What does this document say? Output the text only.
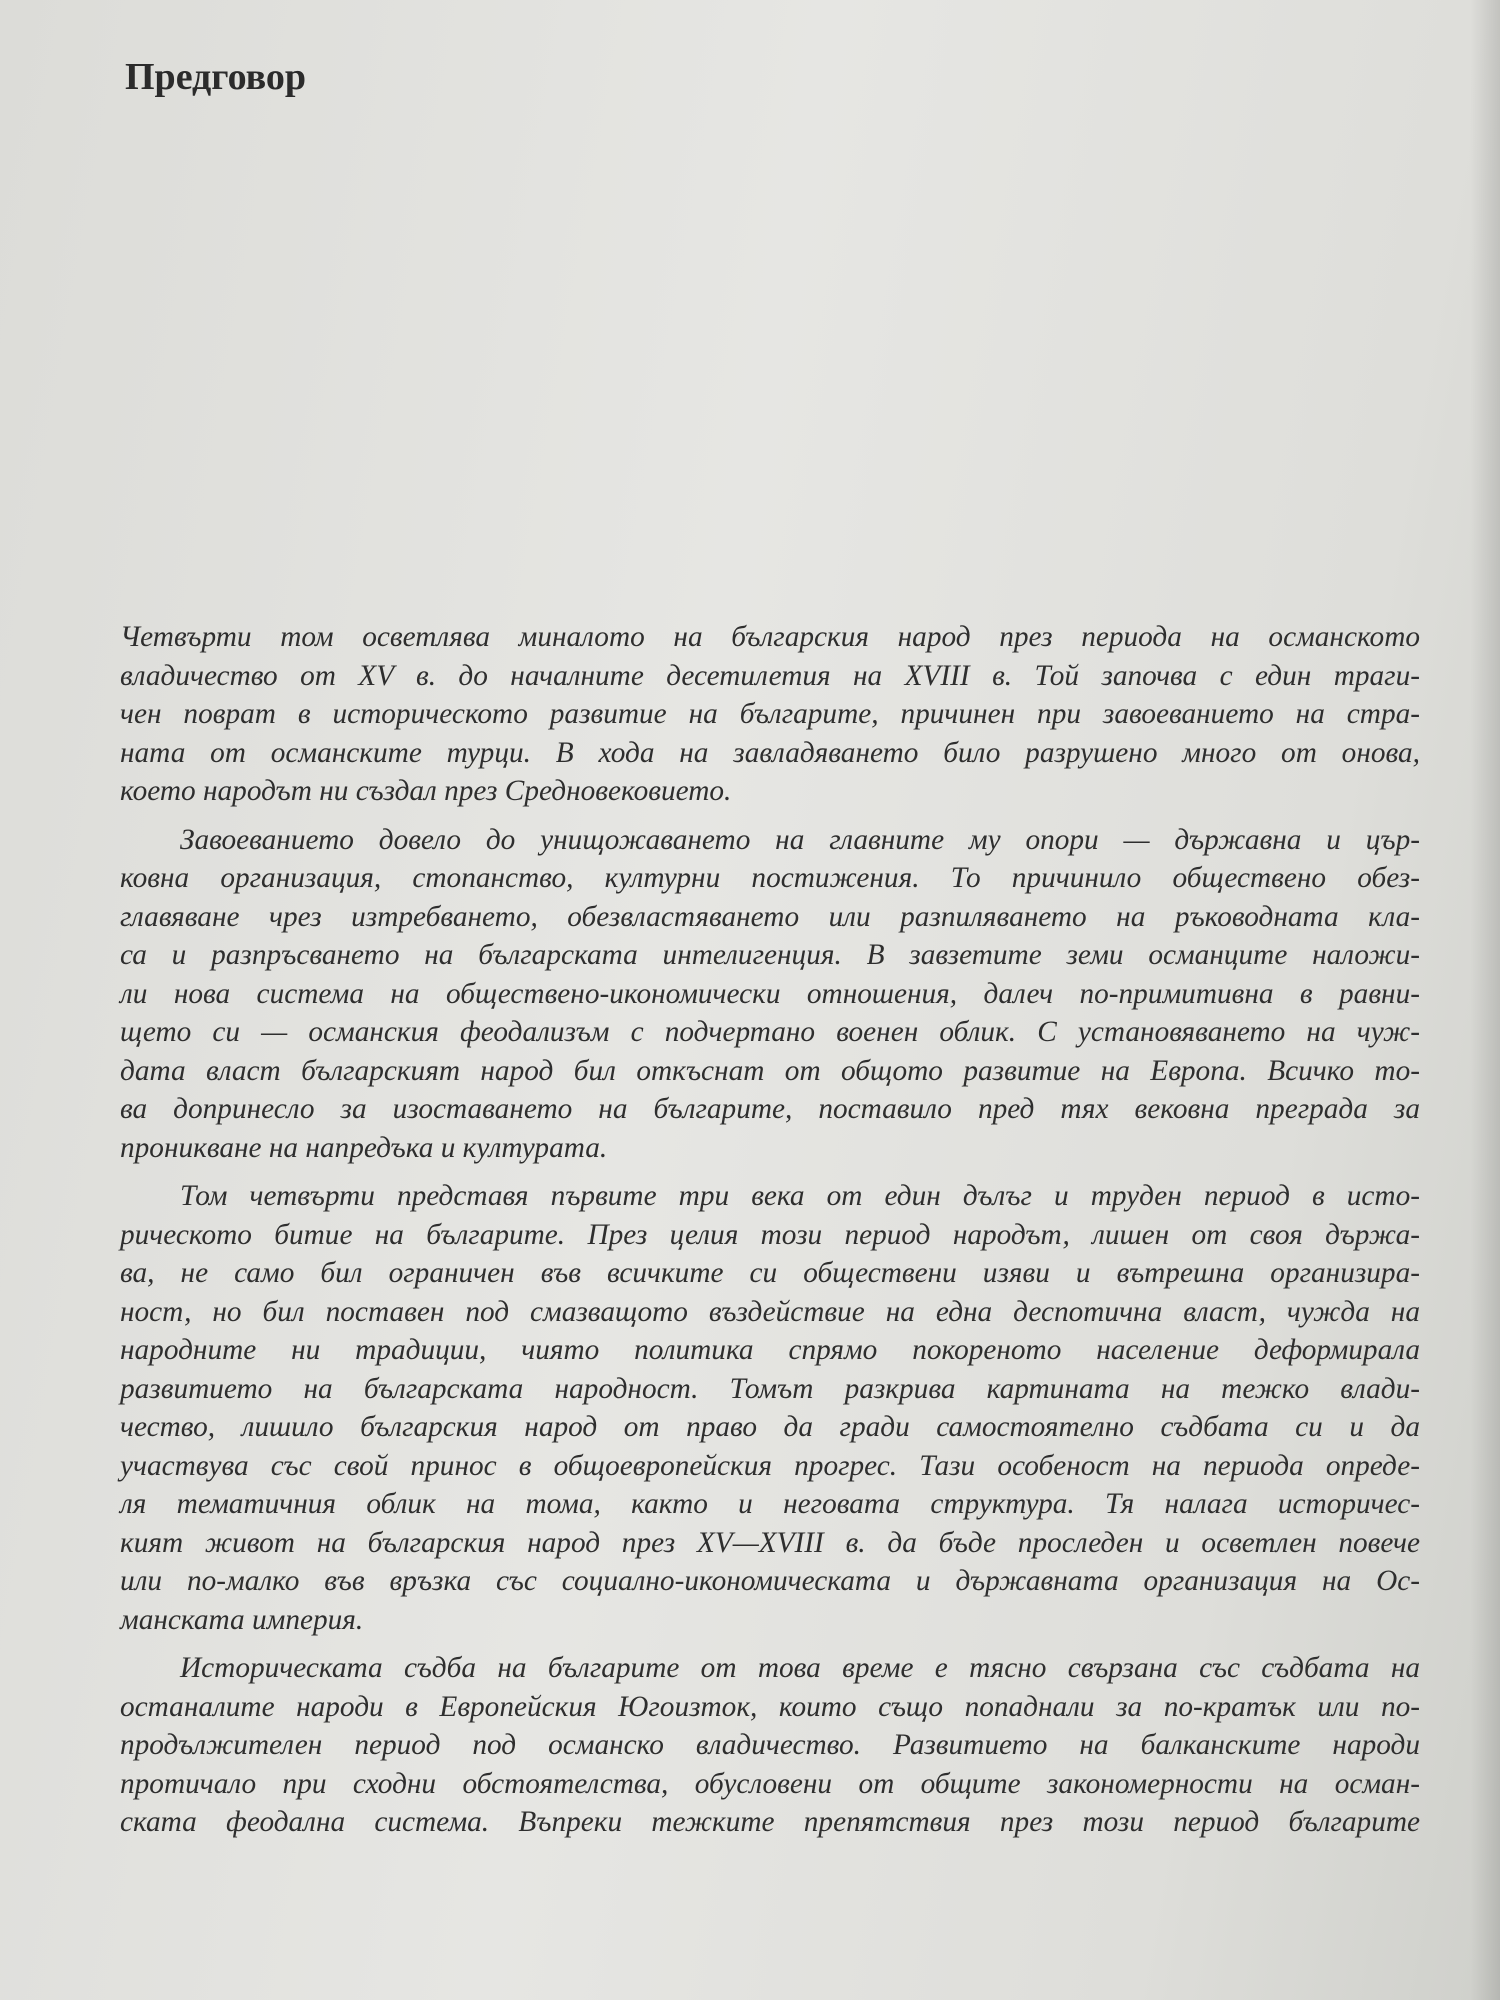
Предговор

Четвърти том осветлява миналото на българския народ през периода на османското
владичество от XV в. до началните десетилетия на XVIII в. Той започва с един траги-
чен поврат в историческото развитие на българите, причинен при завоеванието на стра-
ната от османските турци. В хода на завладяването било разрушено много от онова,
което народът ни създал през Средновековието.

Завоеванието довело до унищожаването на главните му опори — държавна и цър-
ковна организация, стопанство, културни постижения. То причинило обществено обез-
главяване чрез изтребването, обезвластяването или разпиляването на ръководната кла-
са и разпръсването на българската интелигенция. В завзетите земи османците наложи-
ли нова система на обществено-икономически отношения, далеч по-примитивна в равни-
щето си — османския феодализъм с подчертано военен облик. С установяването на чуж-
дата власт българският народ бил откъснат от общото развитие на Европа. Всичко то-
ва допринесло за изоставането на българите, поставило пред тях вековна преграда за
проникване на напредъка и културата.

Том четвърти представя първите три века от един дълъг и труден период в исто-
рическото битие на българите. През целия този период народът, лишен от своя държа-
ва, не само бил ограничен във всичките си обществени изяви и вътрешна организира-
ност, но бил поставен под смазващото въздействие на една деспотична власт, чужда на
народните ни традиции, чиято политика спрямо покореното население деформирала
развитието на българската народност. Томът разкрива картината на тежко влади-
чество, лишило българския народ от право да гради самостоятелно съдбата си и да
участвува със свой принос в общоевропейския прогрес. Тази особеност на периода опреде-
ля тематичния облик на тома, както и неговата структура. Тя налага историчес-
кият живот на българския народ през XV—XVIII в. да бъде проследен и осветлен повече
или по-малко във връзка със социално-икономическата и държавната организация на Ос-
манската империя.

Историческата съдба на българите от това време е тясно свързана със съдбата на
останалите народи в Европейския Югоизток, които също попаднали за по-кратък или по-
продължителен период под османско владичество. Развитието на балканските народи
протичало при сходни обстоятелства, обусловени от общите закономерности на осман-
ската феодална система. Въпреки тежките препятствия през този период българите
